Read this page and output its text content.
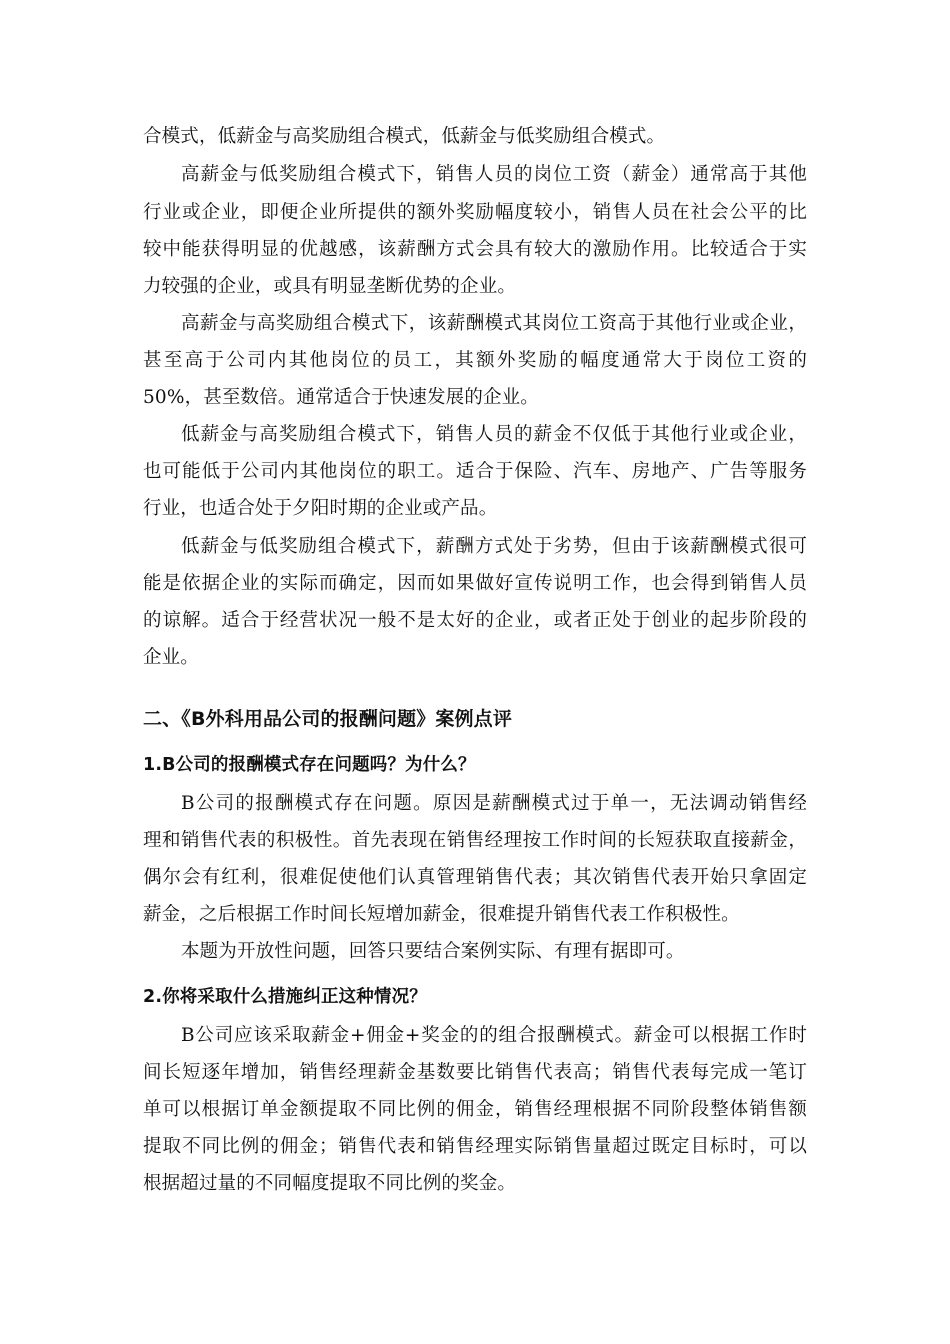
合模式，低薪金与高奖励组合模式，低薪金与低奖励组合模式。
高薪金与低奖励组合模式下，销售人员的岗位工资（薪金）通常高于其他
行业或企业，即便企业所提供的额外奖励幅度较小，销售人员在社会公平的比
较中能获得明显的优越感，该薪酬方式会具有较大的激励作用。比较适合于实
力较强的企业，或具有明显垄断优势的企业。
高薪金与高奖励组合模式下，该薪酬模式其岗位工资高于其他行业或企业，
甚至高于公司内其他岗位的员工，其额外奖励的幅度通常大于岗位工资的
50%，甚至数倍。通常适合于快速发展的企业。
低薪金与高奖励组合模式下，销售人员的薪金不仅低于其他行业或企业，
也可能低于公司内其他岗位的职工。适合于保险、汽车、房地产、广告等服务
行业，也适合处于夕阳时期的企业或产品。
低薪金与低奖励组合模式下，薪酬方式处于劣势，但由于该薪酬模式很可
能是依据企业的实际而确定，因而如果做好宣传说明工作，也会得到销售人员
的谅解。适合于经营状况一般不是太好的企业，或者正处于创业的起步阶段的
企业。
二、《B外科用品公司的报酬问题》案例点评
1.B公司的报酬模式存在问题吗？为什么？
B公司的报酬模式存在问题。原因是薪酬模式过于单一，无法调动销售经
理和销售代表的积极性。首先表现在销售经理按工作时间的长短获取直接薪金，
偶尔会有红利，很难促使他们认真管理销售代表；其次销售代表开始只拿固定
薪金，之后根据工作时间长短增加薪金，很难提升销售代表工作积极性。
本题为开放性问题，回答只要结合案例实际、有理有据即可。
2.你将采取什么措施纠正这种情况？
B公司应该采取薪金+佣金+奖金的的组合报酬模式。薪金可以根据工作时
间长短逐年增加，销售经理薪金基数要比销售代表高；销售代表每完成一笔订
单可以根据订单金额提取不同比例的佣金，销售经理根据不同阶段整体销售额
提取不同比例的佣金；销售代表和销售经理实际销售量超过既定目标时，可以
根据超过量的不同幅度提取不同比例的奖金。
